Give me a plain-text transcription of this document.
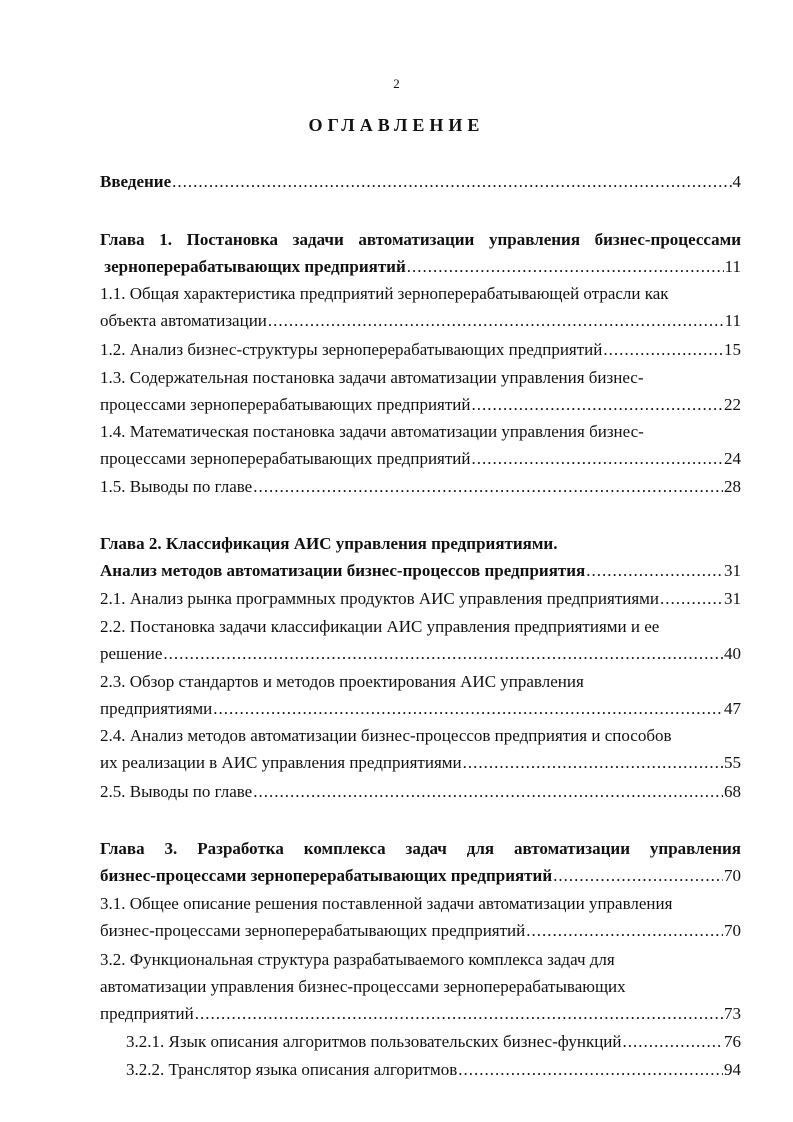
2
ОГЛАВЛЕНИЕ
Введение .....	4
Глава 1. Постановка задачи автоматизации управления бизнес-процессами
зерноперерабатывающих предприятий .....	11
1.1. Общая характеристика предприятий зерноперерабатывающей отрасли как
объекта автоматизации .....	11
1.2. Анализ бизнес-структуры зерноперерабатывающих предприятий .....	15
1.3. Содержательная постановка задачи автоматизации управления бизнес-
процессами зерноперерабатывающих предприятий .....	22
1.4. Математическая постановка задачи автоматизации управления бизнес-
процессами зерноперерабатывающих предприятий .....	24
1.5. Выводы по главе .....	28
Глава 2. Классификация АИС управления предприятиями.
Анализ методов автоматизации бизнес-процессов предприятия .....	31
2.1. Анализ рынка программных продуктов АИС управления предприятиями .....	31
2.2. Постановка задачи классификации АИС управления предприятиями и ее
решение .....	40
2.3. Обзор стандартов и методов проектирования АИС управления
предприятиями .....	47
2.4. Анализ методов автоматизации бизнес-процессов предприятия и способов
их реализации в АИС управления предприятиями .....	55
2.5. Выводы по главе .....	68
Глава 3. Разработка комплекса задач для автоматизации управления
бизнес-процессами зерноперерабатывающих предприятий .....	70
3.1. Общее описание решения поставленной задачи автоматизации управления
бизнес-процессами зерноперерабатывающих предприятий .....	70
3.2. Функциональная структура разрабатываемого комплекса задач для
автоматизации управления бизнес-процессами зерноперерабатывающих
предприятий .....	73
3.2.1. Язык описания алгоритмов пользовательских бизнес-функций .....	76
3.2.2. Транслятор языка описания алгоритмов .....	94
